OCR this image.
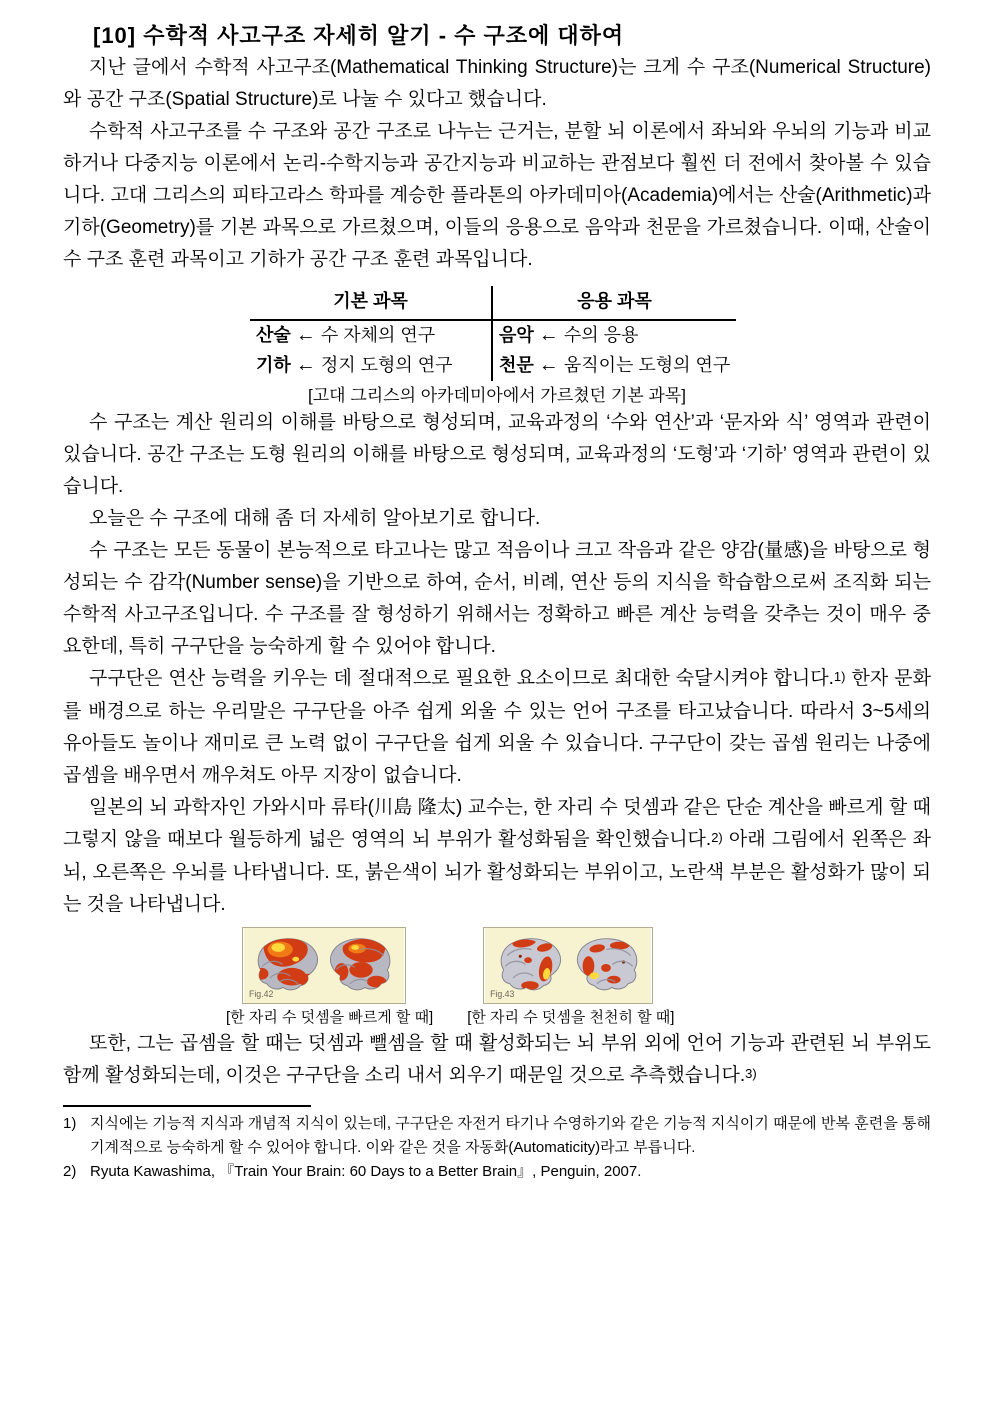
[10] 수학적 사고구조 자세히 알기 - 수 구조에 대하여

지난 글에서 수학적 사고구조(Mathematical Thinking Structure)는 크게 수 구조(Numerical Structure)와 공간 구조(Spatial Structure)로 나눌 수 있다고 했습니다.

수학적 사고구조를 수 구조와 공간 구조로 나누는 근거는, 분할 뇌 이론에서 좌뇌와 우뇌의 기능과 비교하거나 다중지능 이론에서 논리-수학지능과 공간지능과 비교하는 관점보다 훨씬 더 전에서 찾아볼 수 있습니다. 고대 그리스의 피타고라스 학파를 계승한 플라톤의 아카데미아(Academia)에서는 산술(Arithmetic)과 기하(Geometry)를 기본 과목으로 가르쳤으며, 이들의 응용으로 음악과 천문을 가르쳤습니다. 이때, 산술이 수 구조 훈련 과목이고 기하가 공간 구조 훈련 과목입니다.

기본 과목	응용 과목
산술 ← 수 자체의 연구	음악 ← 수의 응용
기하 ← 정지 도형의 연구	천문 ← 움직이는 도형의 연구
[고대 그리스의 아카데미아에서 가르쳤던 기본 과목]

수 구조는 계산 원리의 이해를 바탕으로 형성되며, 교육과정의 ‘수와 연산’과 ‘문자와 식’ 영역과 관련이 있습니다. 공간 구조는 도형 원리의 이해를 바탕으로 형성되며, 교육과정의 ‘도형’과 ‘기하’ 영역과 관련이 있습니다.

오늘은 수 구조에 대해 좀 더 자세히 알아보기로 합니다.

수 구조는 모든 동물이 본능적으로 타고나는 많고 적음이나 크고 작음과 같은 양감(量感)을 바탕으로 형성되는 수 감각(Number sense)을 기반으로 하여, 순서, 비례, 연산 등의 지식을 학습함으로써 조직화 되는 수학적 사고구조입니다. 수 구조를 잘 형성하기 위해서는 정확하고 빠른 계산 능력을 갖추는 것이 매우 중요한데, 특히 구구단을 능숙하게 할 수 있어야 합니다.

구구단은 연산 능력을 키우는 데 절대적으로 필요한 요소이므로 최대한 숙달시켜야 합니다.1) 한자 문화를 배경으로 하는 우리말은 구구단을 아주 쉽게 외울 수 있는 언어 구조를 타고났습니다. 따라서 3~5세의 유아들도 놀이나 재미로 큰 노력 없이 구구단을 쉽게 외울 수 있습니다. 구구단이 갖는 곱셈 원리는 나중에 곱셈을 배우면서 깨우쳐도 아무 지장이 없습니다.

일본의 뇌 과학자인 가와시마 류타(川島 隆太) 교수는, 한 자리 수 덧셈과 같은 단순 계산을 빠르게 할 때 그렇지 않을 때보다 월등하게 넓은 영역의 뇌 부위가 활성화됨을 확인했습니다.2) 아래 그림에서 왼쪽은 좌뇌, 오른쪽은 우뇌를 나타냅니다. 또, 붉은색이 뇌가 활성화되는 부위이고, 노란색 부분은 활성화가 많이 되는 것을 나타냅니다.

Fig.42
[한 자리 수 덧셈을 빠르게 할 때]
Fig.43
[한 자리 수 덧셈을 천천히 할 때]

또한, 그는 곱셈을 할 때는 덧셈과 뺄셈을 할 때 활성화되는 뇌 부위 외에 언어 기능과 관련된 뇌 부위도 함께 활성화되는데, 이것은 구구단을 소리 내서 외우기 때문일 것으로 추측했습니다.3)

1) 지식에는 기능적 지식과 개념적 지식이 있는데, 구구단은 자전거 타기나 수영하기와 같은 기능적 지식이기 때문에 반복 훈련을 통해 기계적으로 능숙하게 할 수 있어야 합니다. 이와 같은 것을 자동화(Automaticity)라고 부릅니다.
2) Ryuta Kawashima, 『Train Your Brain: 60 Days to a Better Brain』, Penguin, 2007.
